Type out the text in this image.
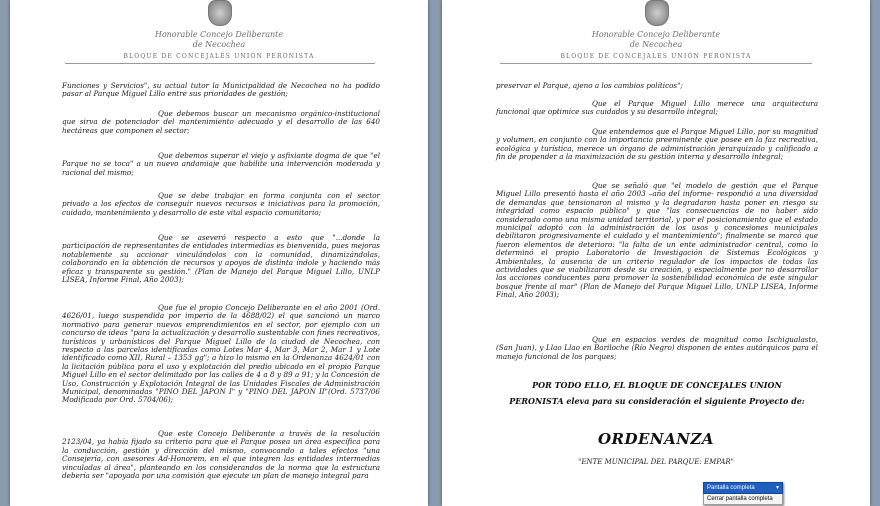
Honorable Concejo Deliberante
de Necochea
BLOQUE DE CONCEJALES UNIÓN PERONISTA

Funciones y Servicios", su actual tutor la Municipalidad de Necochea no ha podido pasar al Parque Miguel Lillo entre sus prioridades de gestión;

Que debemos buscar un mecanismo orgánico-institucional que sirva de potenciador del mantenimiento adecuado y el desarrollo de las 640 hectáreas que componen el sector;

Que debemos superar el viejo y asfixiante dogma de que "el Parque no se toca" a un nuevo andamiaje que habilite una intervención moderada y racional del mismo;

Que se debe trabajar en forma conjunta con el sector privado a los efectos de conseguir nuevos recursos e iniciativas para la promoción, cuidado, mantenimiento y desarrollo de este vital espacio comunitario;

Que se aseveró respecto a esto que "...donde la participación de representantes de entidades intermedias es bienvenida, pues mejoras notablemente su accionar vinculándolos con la comunidad, dinamizándolas, colaborando en la obtención de recursos y apoyos de distinta índole y haciendo más eficaz y transparente su gestión." (Plan de Manejo del Parque Miguel Lillo, UNLP LISEA, Informe Final, Año 2003);

Que fue el propio Concejo Deliberante en el año 2001 (Ord. 4626/01, luego suspendida por imperio de la 4688/02) el que sancionó un marco normativo para generar nuevos emprendimientos en el sector, por ejemplo con un concurso de ideas "para la actualización y desarrollo sustentable con fines recreativos, turísticos y urbanísticos del Parque Miguel Lillo de la ciudad de Necochea, con respecto a las parcelas identificadas como Lotes Mar 4, Mar 3, Mar 2, Mar 1 y Lote identificado como XII, Rural – 1353 gg"; a hizo lo mismo en la Ordenanza 4624/01 con la licitación pública para el uso y explotación del predio ubicado en el propio Parque Miguel Lillo en el sector delimitado por las calles de 4 a 8 y 89 a 91; y la Concesión de Uso, Construcción y Explotación Integral de las Unidades Fiscales de Administración Municipal, denominadas "PINO DEL JAPON I" y "PINO DEL JAPON II"(Ord. 5737/06 Modificada por Ord. 5704/06);

Que este Concejo Deliberante a través de la resolución 2123/04, ya había fijado su criterio para que el Parque posea un área específica para la conducción, gestión y dirección del mismo, convocando a tales efectos "una Consejería, con asesores Ad-Honorem, en el que integren las entidades intermedias vinculadas al área", planteando en los considerandos de la norma que la estructura debería ser "apoyada por una comisión que ejecute un plan de manejo integral para

Honorable Concejo Deliberante
de Necochea
BLOQUE DE CONCEJALES UNIÓN PERONISTA

preservar el Parque, ajeno a los cambios políticos";

Que el Parque Miguel Lillo merece una arquitectura funcional que optimice sus cuidados y su desarrollo integral;

Que entendemos que el Parque Miguel Lillo, por su magnitud y volumen, en conjunto con la importancia preeminente que posee en la faz recreativa, ecológica y turística, merece un órgano de administración jerarquizado y calificado a fin de propender a la maximización de su gestión interna y desarrollo integral;

Que se señaló que "el modelo de gestión que el Parque Miguel Lillo presentó hasta el año 2003 –año del informe- respondió a una diversidad de demandas que tensionaron al mismo y la degradaron hasta poner en riesgo su integridad como espacio público" y que "las consecuencias de no haber sido considerado como una misma unidad territorial, y por el posicionamiento que el estado municipal adoptó con la administración de los usos y concesiones municipales debilitaron progresivamente el cuidado y el mantenimiento"; finalmente se marcó que fueron elementos de deterioro: "la falta de un ente administrador central, como lo determinó el propio Laboratorio de Investigación de Sistemas Ecológicos y Ambientales, la ausencia de un criterio regulador de los impactos de todas las actividades que se viabilizaron desde su creación, y especialmente por no desarrollar las acciones conducentes para promover la sostenibilidad económica de este singular bosque frente al mar" (Plan de Manejo del Parque Miguel Lillo, UNLP LISEA, Informe Final, Año 2003);

Que en espacios verdes de magnitud como Ischigualasto, (San Juan), y Llao Llao en Bariloche (Río Negro) disponen de entes autárquicos para el manejo funcional de los parques;

POR TODO ELLO, EL BLOQUE DE CONCEJALES UNION
PERONISTA eleva para su consideración el siguiente Proyecto de:
ORDENANZA
"ENTE MUNICIPAL DEL PARQUE: EMPAR"
Pantalla completa	▾
Cerrar pantalla completa
